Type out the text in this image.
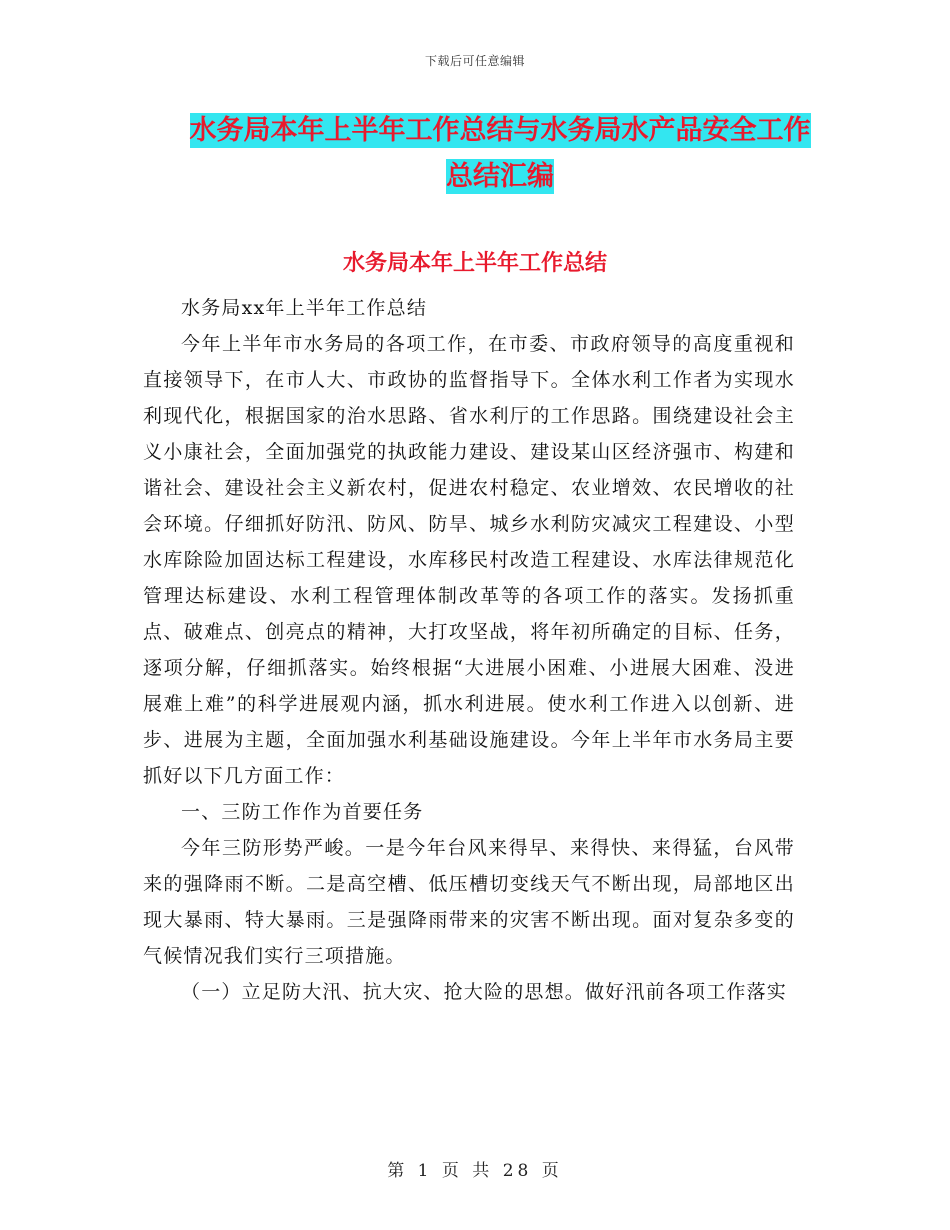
下载后可任意编辑
水务局本年上半年工作总结与水务局水产品安全工作
总结汇编
水务局本年上半年工作总结

水务局xx年上半年工作总结

今年上半年市水务局的各项工作，在市委、市政府领导的高度重视和直接领导下，在市人大、市政协的监督指导下。全体水利工作者为实现水利现代化，根据国家的治水思路、省水利厅的工作思路。围绕建设社会主义小康社会，全面加强党的执政能力建设、建设某山区经济强市、构建和谐社会、建设社会主义新农村，促进农村稳定、农业增效、农民增收的社会环境。仔细抓好防汛、防风、防旱、城乡水利防灾减灾工程建设、小型水库除险加固达标工程建设，水库移民村改造工程建设、水库法律规范化管理达标建设、水利工程管理体制改革等的各项工作的落实。发扬抓重点、破难点、创亮点的精神，大打攻坚战，将年初所确定的目标、任务，逐项分解，仔细抓落实。始终根据“大进展小困难、小进展大困难、没进展难上难”的科学进展观内涵，抓水利进展。使水利工作进入以创新、进步、进展为主题，全面加强水利基础设施建设。今年上半年市水务局主要抓好以下几方面工作：

一、三防工作作为首要任务

今年三防形势严峻。一是今年台风来得早、来得快、来得猛，台风带来的强降雨不断。二是高空槽、低压槽切变线天气不断出现，局部地区出现大暴雨、特大暴雨。三是强降雨带来的灾害不断出现。面对复杂多变的气候情况我们实行三项措施。

（一）立足防大汛、抗大灾、抢大险的思想。做好汛前各项工作落实

第 1 页 共 28 页
